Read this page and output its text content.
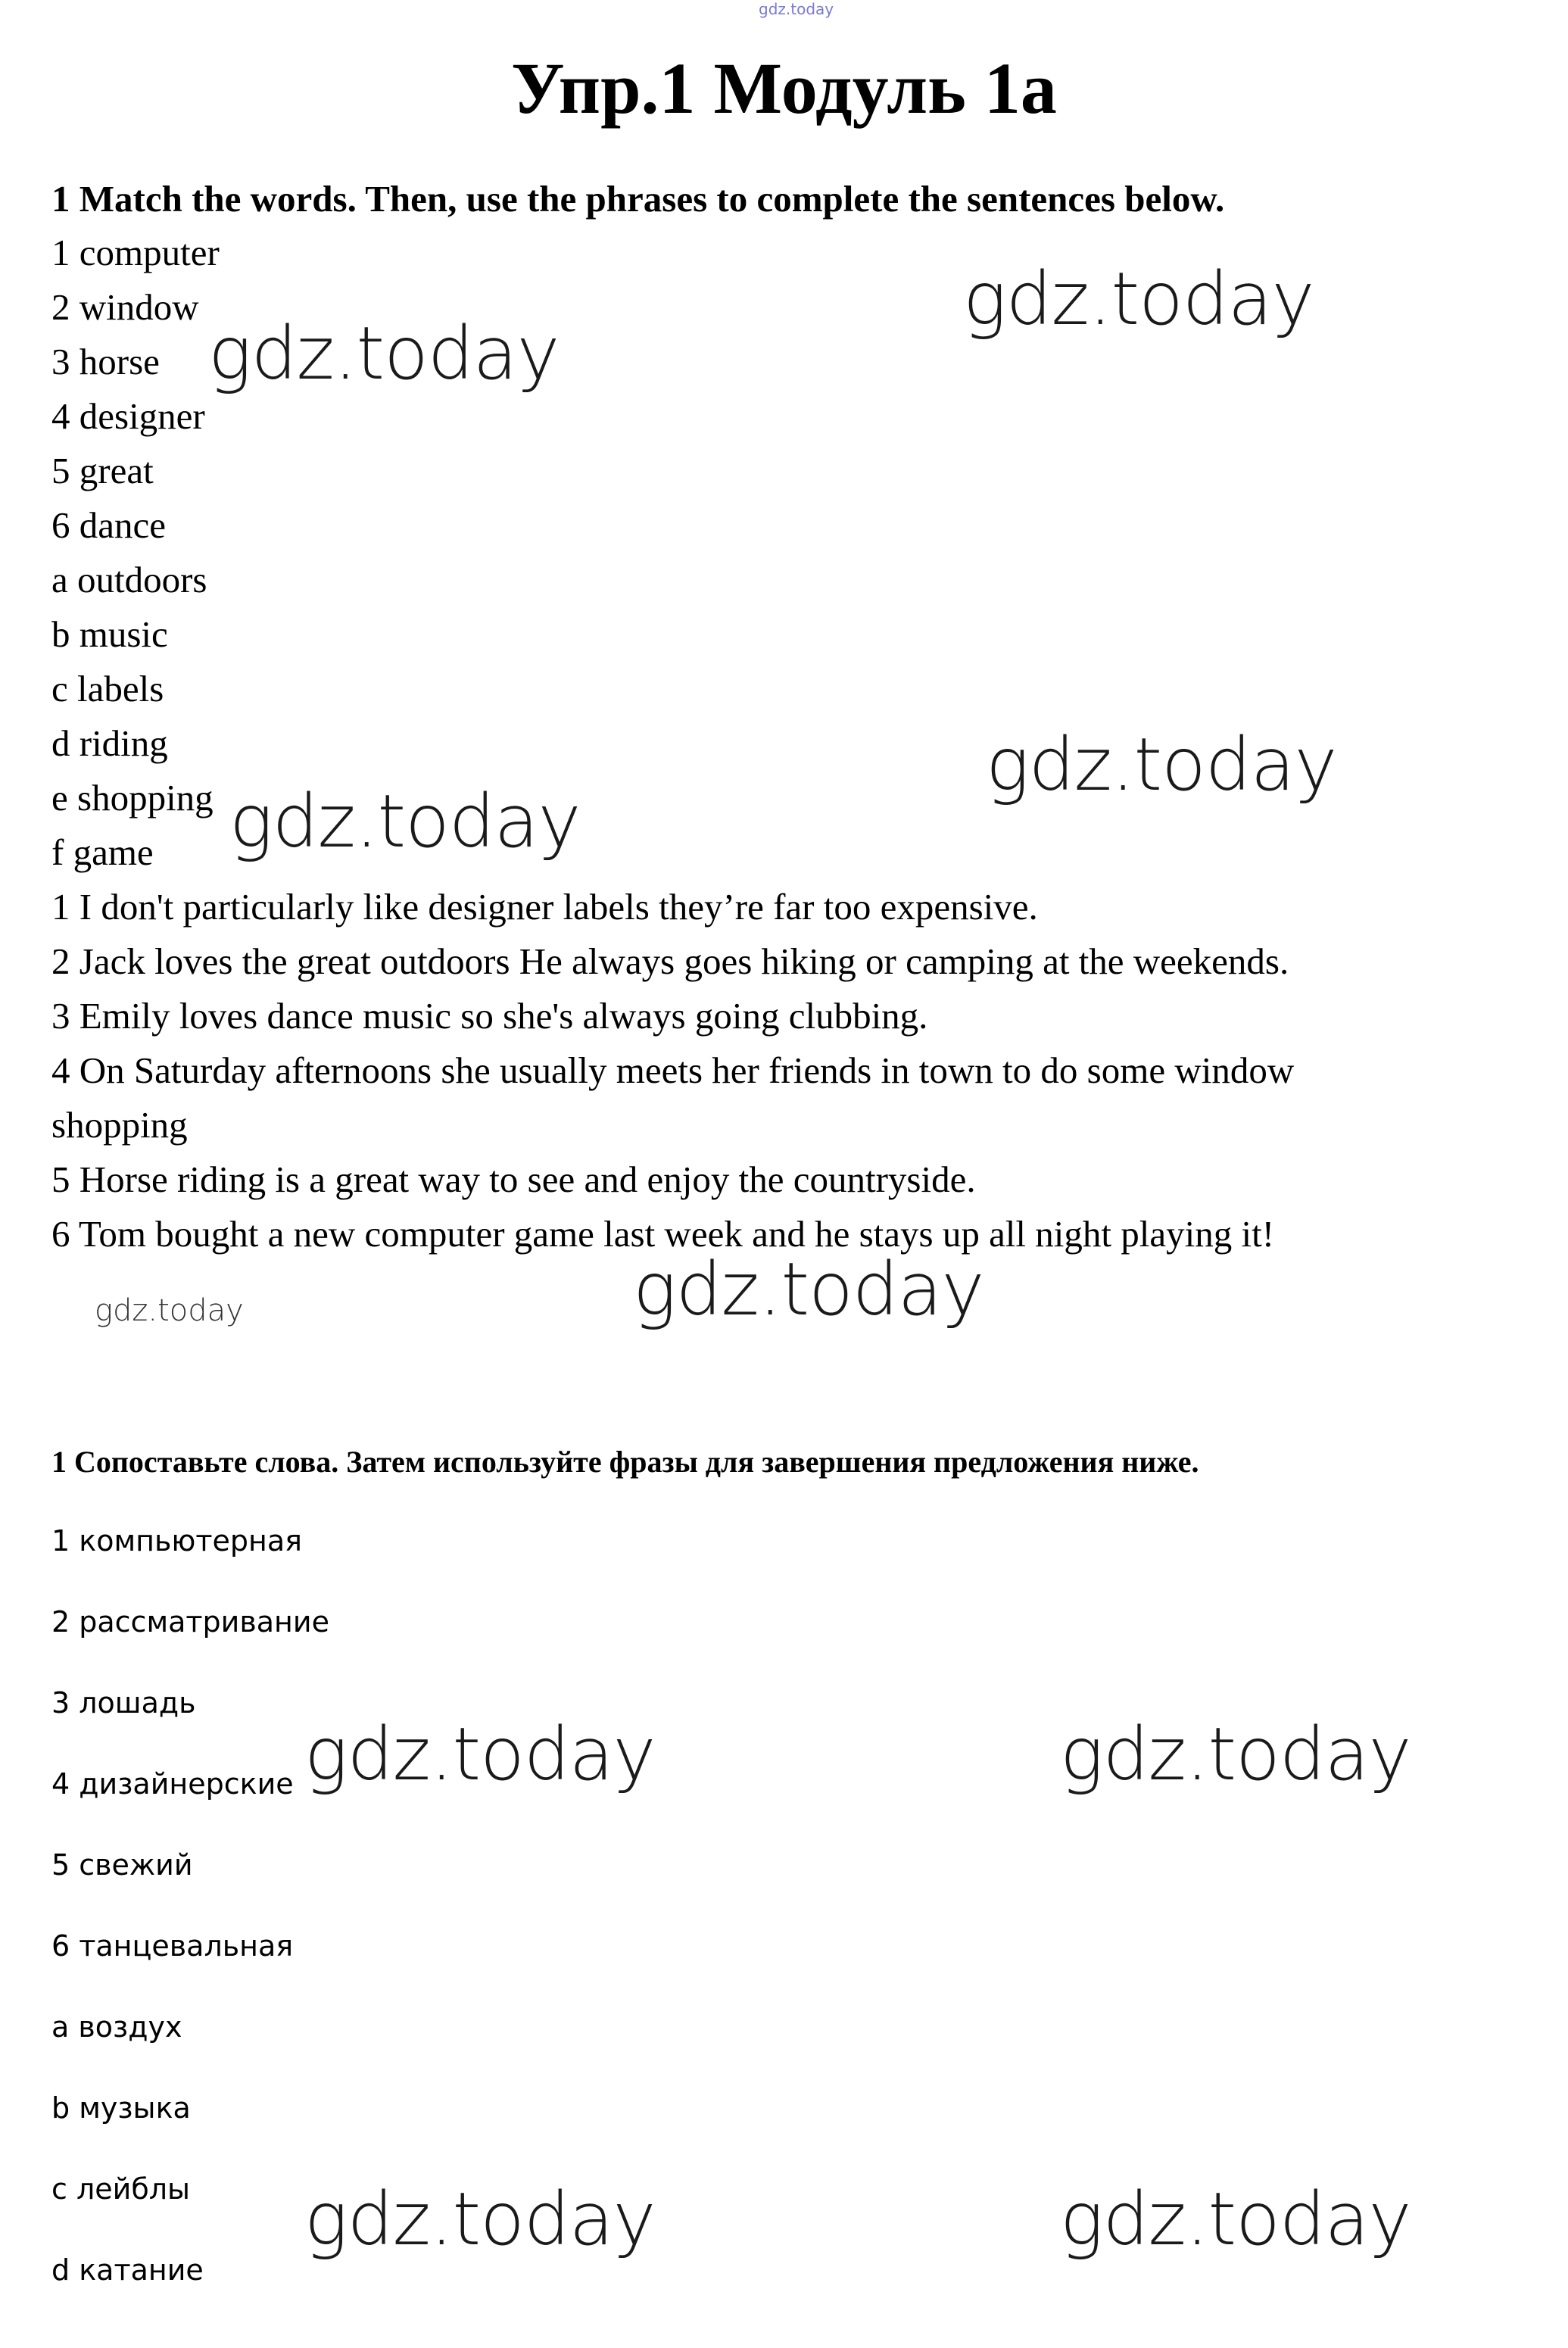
gdz.today
Упр.1 Модуль 1а
1 Match the words. Then, use the phrases to complete the sentences below.
1 computer
2 window
3 horse
4 designer
5 great
6 dance
a outdoors
b music
c labels
d riding
e shopping
f game
1 I don't particularly like designer labels they’re far too expensive.
2 Jack loves the great outdoors He always goes hiking or camping at the weekends.
3 Emily loves dance music so she's always going clubbing.
4 On Saturday afternoons she usually meets her friends in town to do some window
shopping
5 Horse riding is a great way to see and enjoy the countryside.
6 Tom bought a new computer game last week and he stays up all night playing it!
1 Сопоставьте слова. Затем используйте фразы для завершения предложения ниже.
1 компьютерная
2 рассматривание
3 лошадь
4 дизайнерские
5 свежий
6 танцевальная
a воздух
b музыка
c лейблы
d катание
gdz.today
gdz.today
gdz.today
gdz.today
gdz.today
gdz.today
gdz.today	gdz.today
gdz.today	gdz.today
